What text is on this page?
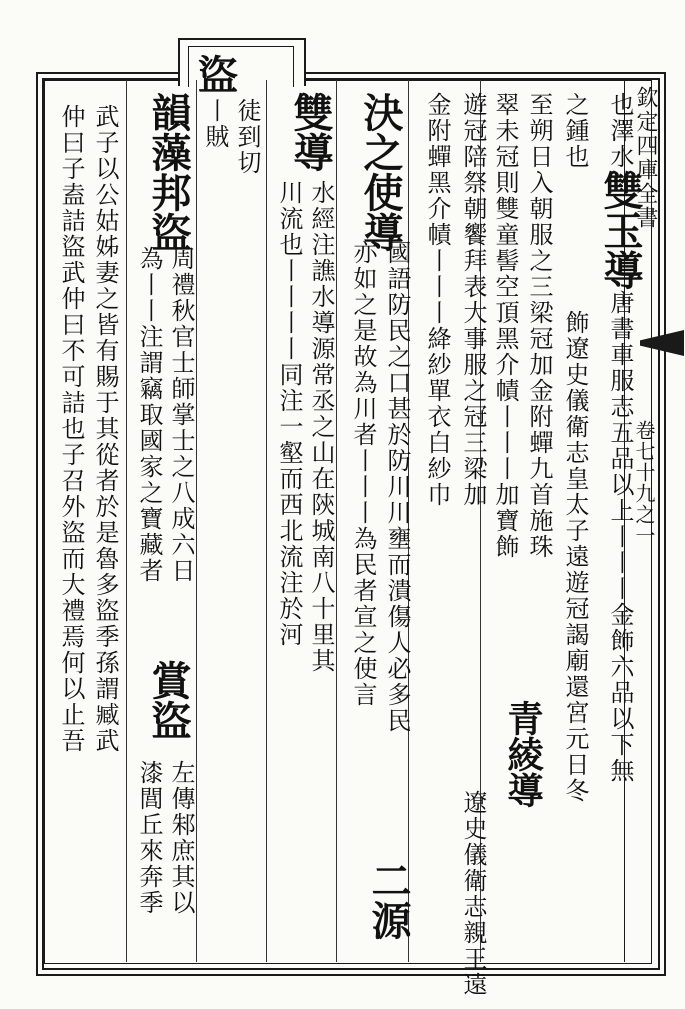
盜
欽定四庫全書
卷七十九之一
也澤水雙玉導唐書車服志五品以上丨丨丨金飾六品以下無
之鍾也飾遼史儀衛志皇太子遠遊冠謁廟還宮元日冬
至朔日入朝服之三梁冠加金附蟬九首施珠
翠未冠則雙童髻空頂黑介幘丨丨丨加寶飾
青綾導
遊冠陪祭朝饗拜表大事服之冠三梁加
金附蟬黑介幘丨丨丨絳紗單衣白紗巾
遼史儀衛志親王遠
決之使導
國語防民之口甚於防川川壅而潰傷人必多民
亦如之是故為川者丨丨丨為民者宣之使言
二源
雙導
水經注譙水導源常丞之山在陝城南八十里其
川流也丨丨丨丨同注一壑而西北流注於河
徒到切
丨賊
韻藻邦盜
周禮秋官士師掌士之八成六日
為丨丨注謂竊取國家之寶藏者
賞盜
左傳邾庶其以
漆閭丘來奔季
武子以公姑姊妻之皆有賜于其從者於是魯多盜季孫謂臧武
仲曰子盍詰盜武仲曰不可詰也子召外盜而大禮焉何以止吾
